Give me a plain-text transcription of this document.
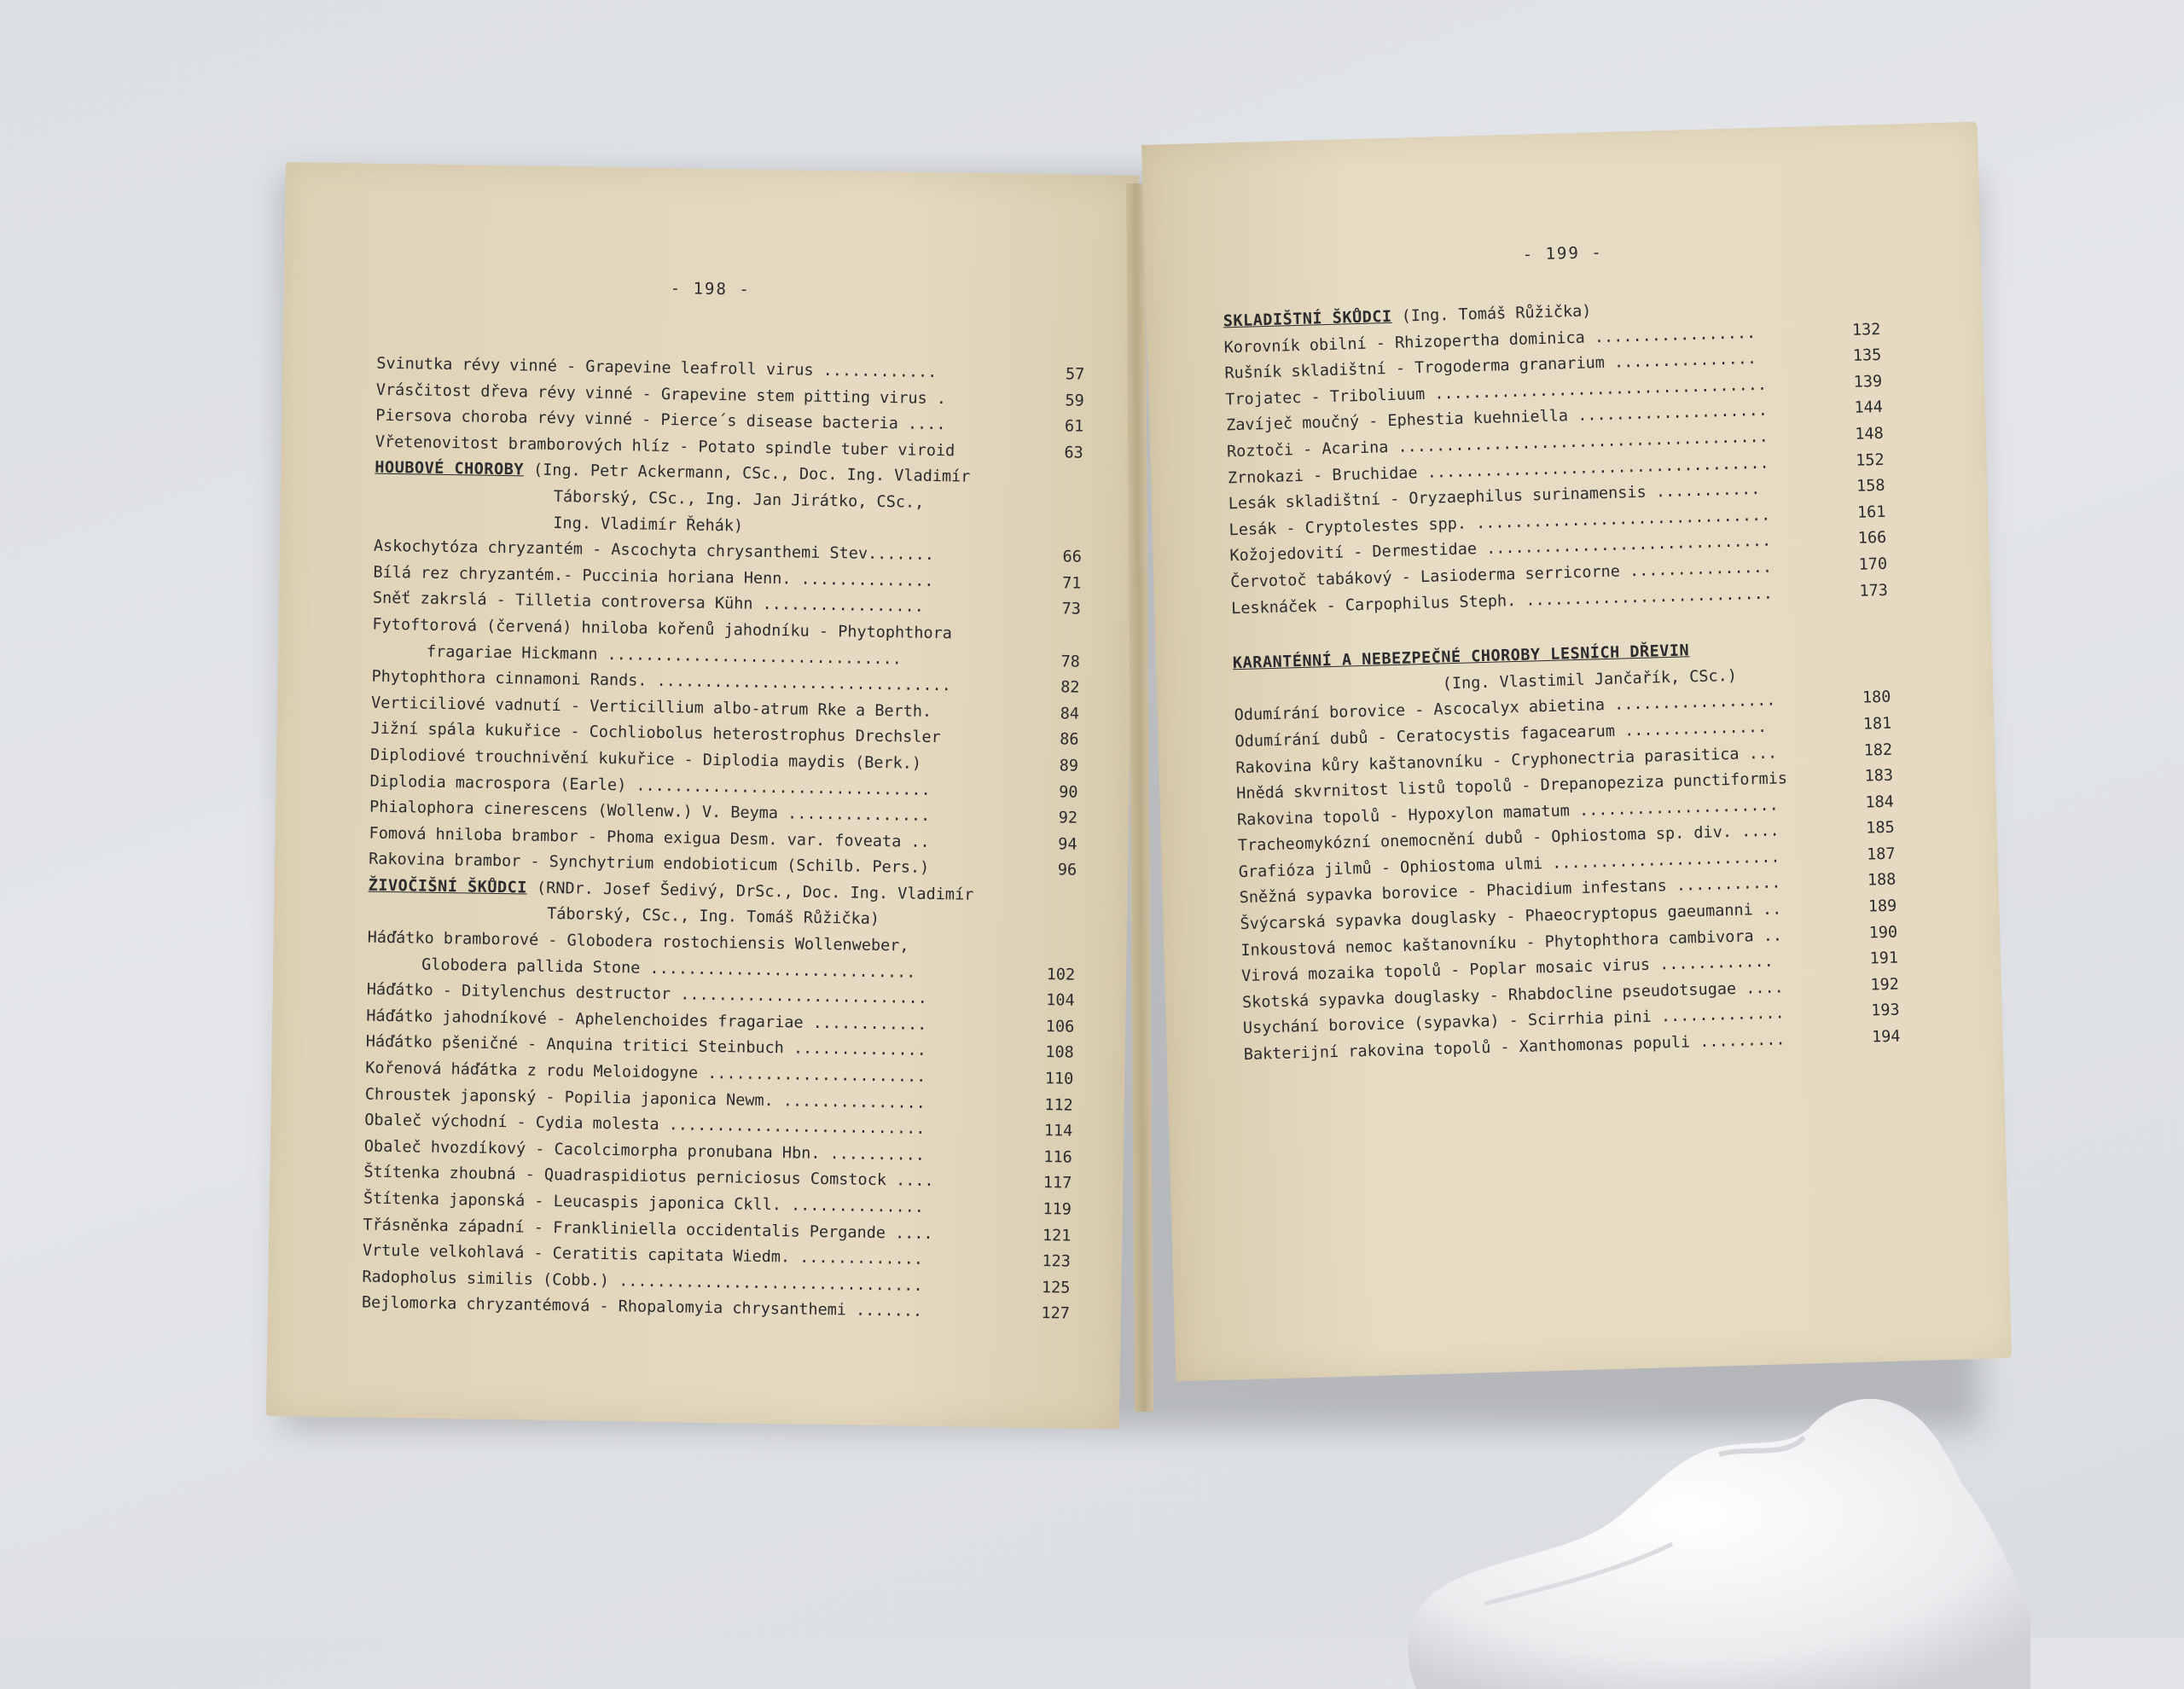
- 198 -
Svinutka révy vinné - Grapevine leafroll virus ............	57
Vrásčitost dřeva révy vinné - Grapevine stem pitting virus .	59
Piersova choroba révy vinné - Pierce´s disease bacteria ....	61
Vřetenovitost bramborových hlíz - Potato spindle tuber viroid	63
HOUBOVÉ CHOROBY (Ing. Petr Ackermann, CSc., Doc. Ing. Vladimír
Táborský, CSc., Ing. Jan Jirátko, CSc.,
Ing. Vladimír Řehák)
Askochytóza chryzantém - Ascochyta chrysanthemi Stev.......	66
Bílá rez chryzantém.- Puccinia horiana Henn. ..............	71
Sněť zakrslá - Tilletia controversa Kühn .................	73
Fytoftorová (červená) hniloba kořenů jahodníku - Phytophthora
fragariae Hickmann ...............................	78
Phytophthora cinnamoni Rands. ...............................	82
Verticiliové vadnutí - Verticillium albo-atrum Rke a Berth.	84
Jižní spála kukuřice - Cochliobolus heterostrophus Drechsler	86
Diplodiové trouchnivění kukuřice - Diplodia maydis (Berk.)	89
Diplodia macrospora (Earle) ...............................	90
Phialophora cinerescens (Wollenw.) V. Beyma ...............	92
Fomová hniloba brambor - Phoma exigua Desm. var. foveata ..	94
Rakovina brambor - Synchytrium endobioticum (Schilb. Pers.)	96
ŽIVOČIŠNÍ ŠKŮDCI (RNDr. Josef Šedivý, DrSc., Doc. Ing. Vladimír
Táborský, CSc., Ing. Tomáš Růžička)
Háďátko bramborové - Globodera rostochiensis Wollenweber,
Globodera pallida Stone ............................	102
Háďátko - Ditylenchus destructor ..........................	104
Háďátko jahodníkové - Aphelenchoides fragariae ............	106
Háďátko pšeničné - Anquina tritici Steinbuch ..............	108
Kořenová háďátka z rodu Meloidogyne .......................	110
Chroustek japonský - Popilia japonica Newm. ...............	112
Obaleč východní - Cydia molesta ...........................	114
Obaleč hvozdíkový - Cacolcimorpha pronubana Hbn. ..........	116
Štítenka zhoubná - Quadraspidiotus perniciosus Comstock ....	117
Štítenka japonská - Leucaspis japonica Ckll. ..............	119
Třásněnka západní - Frankliniella occidentalis Pergande ....	121
Vrtule velkohlavá - Ceratitis capitata Wiedm. .............	123
Radopholus similis (Cobb.) ................................	125
Bejlomorka chryzantémová - Rhopalomyia chrysanthemi .......	127
- 199 -
SKLADIŠTNÍ ŠKŮDCI (Ing. Tomáš Růžička)
Korovník obilní - Rhizopertha dominica .................	132
Rušník skladištní - Trogoderma granarium ...............	135
Trojatec - Triboliuum ...................................	139
Zavíječ moučný - Ephestia kuehniella ....................	144
Roztoči - Acarina .......................................	148
Zrnokazi - Bruchidae ....................................	152
Lesák skladištní - Oryzaephilus surinamensis ...........	158
Lesák - Cryptolestes spp. ...............................	161
Kožojedovití - Dermestidae ..............................	166
Červotoč tabákový - Lasioderma serricorne ...............	170
Lesknáček - Carpophilus Steph. ..........................	173
KARANTÉNNÍ A NEBEZPEČNÉ CHOROBY LESNÍCH DŘEVIN
(Ing. Vlastimil Jančařík, CSc.)
Odumírání borovice - Ascocalyx abietina .................	180
Odumírání dubů - Ceratocystis fagacearum ...............	181
Rakovina kůry kaštanovníku - Cryphonectria parasitica ...	182
Hnědá skvrnitost listů topolů - Drepanopeziza punctiformis	183
Rakovina topolů - Hypoxylon mamatum .....................	184
Tracheomykózní onemocnění dubů - Ophiostoma sp. div. ....	185
Grafióza jilmů - Ophiostoma ulmi ........................	187
Sněžná sypavka borovice - Phacidium infestans ...........	188
Švýcarská sypavka douglasky - Phaeocryptopus gaeumanni ..	189
Inkoustová nemoc kaštanovníku - Phytophthora cambivora ..	190
Virová mozaika topolů - Poplar mosaic virus ............	191
Skotská sypavka douglasky - Rhabdocline pseudotsugae ....	192
Usychání borovice (sypavka) - Scirrhia pini .............	193
Bakterijní rakovina topolů - Xanthomonas populi .........	194
